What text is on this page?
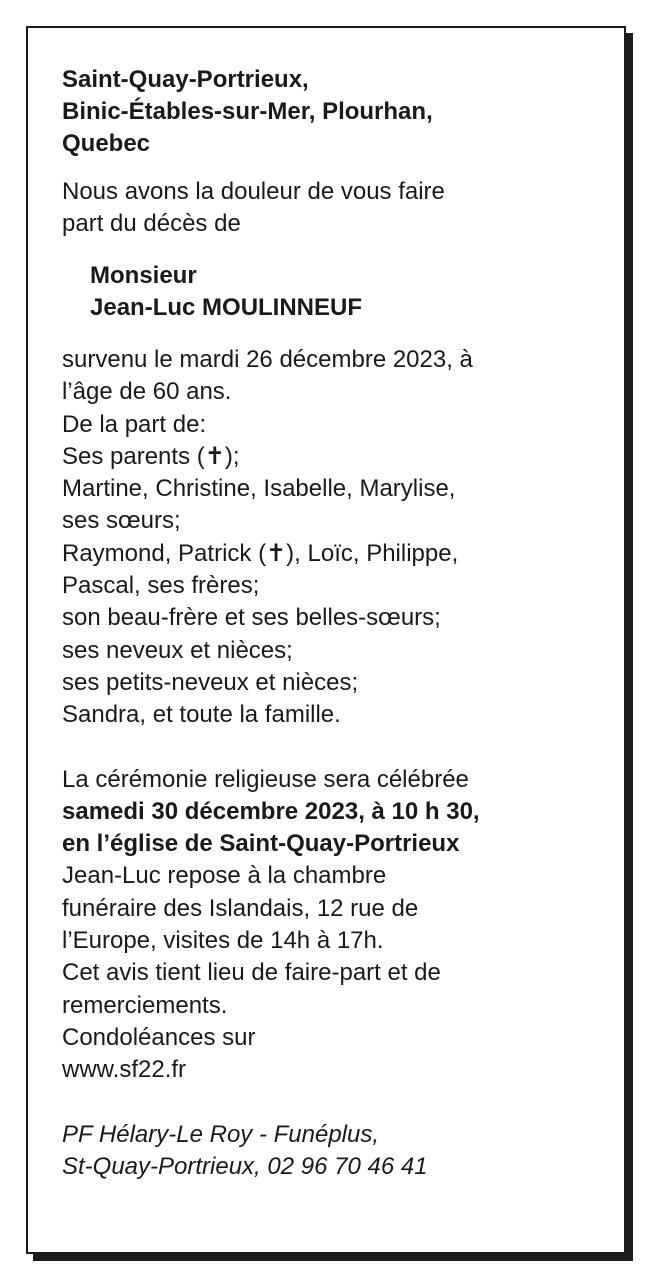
Saint-Quay-Portrieux,
Binic-Étables-sur-Mer, Plourhan,
Quebec

Nous avons la douleur de vous faire
part du décès de

Monsieur
Jean-Luc MOULINNEUF
survenu le mardi 26 décembre 2023, à
l’âge de 60 ans.
De la part de:
Ses parents (✝);
Martine, Christine, Isabelle, Marylise,
ses sœurs;
Raymond, Patrick (✝), Loïc, Philippe,
Pascal, ses frères;
son beau-frère et ses belles-sœurs;
ses neveux et nièces;
ses petits-neveux et nièces;
Sandra, et toute la famille.
La cérémonie religieuse sera célébrée
samedi 30 décembre 2023, à 10 h 30,
en l’église de Saint-Quay-Portrieux
Jean-Luc repose à la chambre
funéraire des Islandais, 12 rue de
l’Europe, visites de 14h à 17h.
Cet avis tient lieu de faire-part et de
remerciements.
Condoléances sur
www.sf22.fr
PF Hélary-Le Roy - Funéplus,
St-Quay-Portrieux, 02 96 70 46 41
